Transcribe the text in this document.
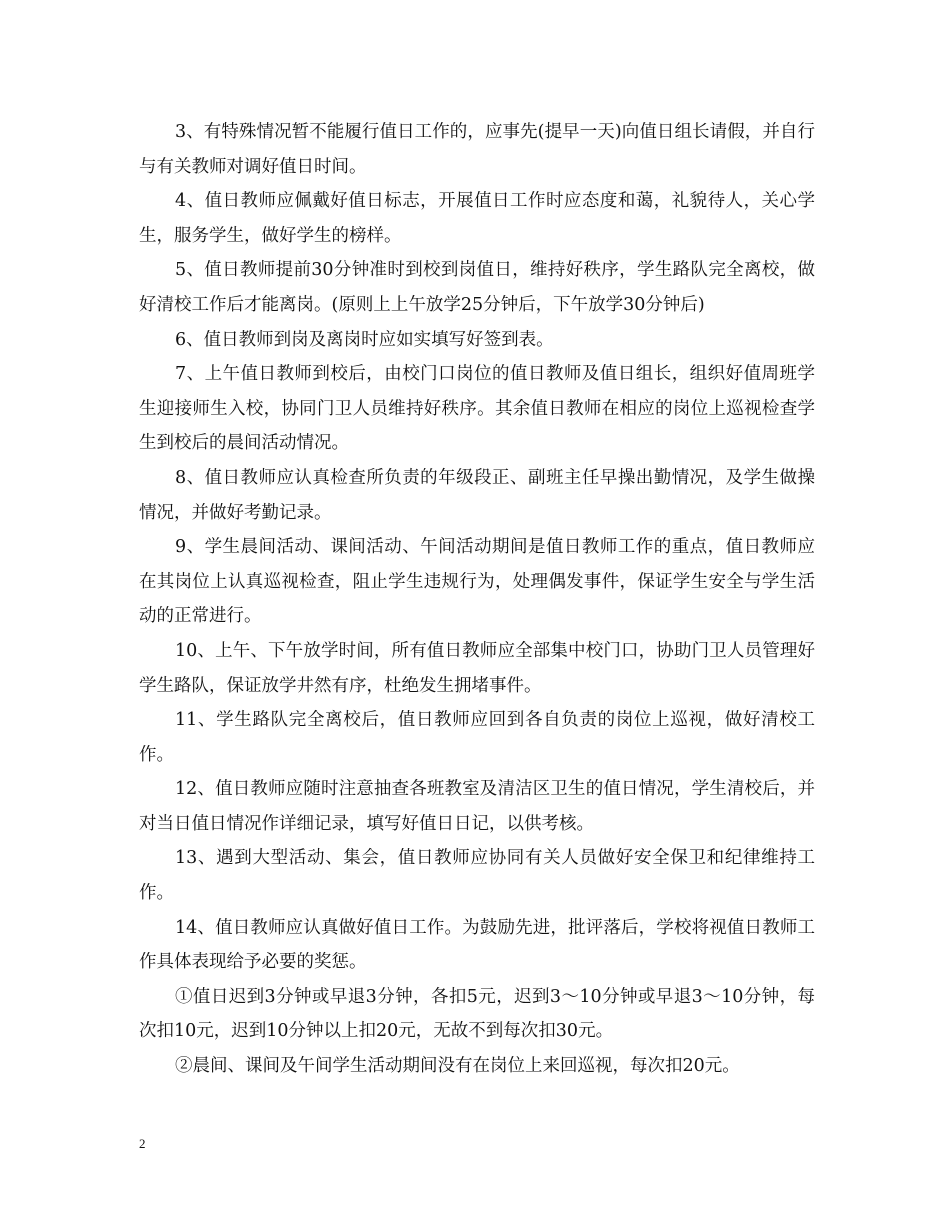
3、有特殊情况暂不能履行值日工作的，应事先(提早一天)向值日组长请假，并自行与有关教师对调好值日时间。

4、值日教师应佩戴好值日标志，开展值日工作时应态度和蔼，礼貌待人，关心学生，服务学生，做好学生的榜样。

5、值日教师提前30分钟准时到校到岗值日，维持好秩序，学生路队完全离校，做好清校工作后才能离岗。(原则上上午放学25分钟后，下午放学30分钟后)

6、值日教师到岗及离岗时应如实填写好签到表。

7、上午值日教师到校后，由校门口岗位的值日教师及值日组长，组织好值周班学生迎接师生入校，协同门卫人员维持好秩序。其余值日教师在相应的岗位上巡视检查学生到校后的晨间活动情况。

8、值日教师应认真检查所负责的年级段正、副班主任早操出勤情况，及学生做操情况，并做好考勤记录。

9、学生晨间活动、课间活动、午间活动期间是值日教师工作的重点，值日教师应在其岗位上认真巡视检查，阻止学生违规行为，处理偶发事件，保证学生安全与学生活动的正常进行。

10、上午、下午放学时间，所有值日教师应全部集中校门口，协助门卫人员管理好学生路队，保证放学井然有序，杜绝发生拥堵事件。

11、学生路队完全离校后，值日教师应回到各自负责的岗位上巡视，做好清校工作。

12、值日教师应随时注意抽查各班教室及清洁区卫生的值日情况，学生清校后，并对当日值日情况作详细记录，填写好值日日记，以供考核。

13、遇到大型活动、集会，值日教师应协同有关人员做好安全保卫和纪律维持工作。

14、值日教师应认真做好值日工作。为鼓励先进，批评落后，学校将视值日教师工作具体表现给予必要的奖惩。

①值日迟到3分钟或早退3分钟，各扣5元，迟到3～10分钟或早退3～10分钟，每次扣10元，迟到10分钟以上扣20元，无故不到每次扣30元。

②晨间、课间及午间学生活动期间没有在岗位上来回巡视，每次扣20元。

2
